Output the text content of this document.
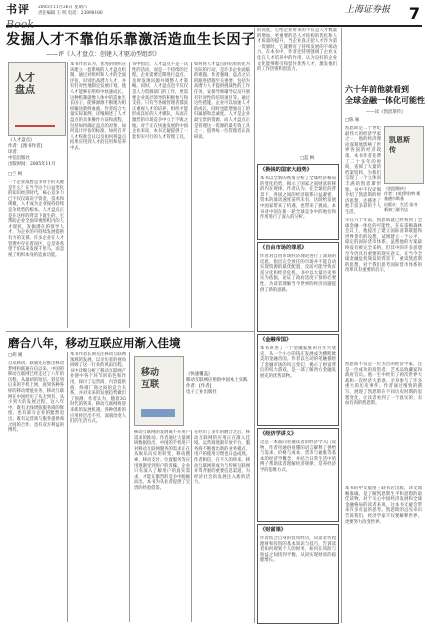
书评	2005年11月26日 星期六
责任编辑 王 明 电话：23898180	上海证券报 7
发掘人才不靠伯乐靠激活造血生长因子
——评《人才盘点：创建人才驱动型组织》
人才
盘点
《人才盘点》
作者：[图书作者]
译者：
中信出版社
出版时间：2005年11月
□兰 枫
一个企业战胜竞争对手的关键是什么？在当今这个日益变化的知识经济时代，核心竞争力已不仅仅取决于资金、技术和规模，人才成为企业保持持续竞争优势的根本。人才盘点正是在这样的背景下诞生的，它帮助企业全面审视组织内的人才现状，发掘潜在的领导人才，为企业的可持续发展提供有力的支撑。许多企业在人才管理中存在着误区，总是寄希望于伯乐来发现千里马，而忽视了组织本身的造血功能。
本书作者认为，优秀的组织应该建立一套系统的人才盘点机制，通过对组织和人才的全面评估，识别出高潜力人才，并有针对性地制定发展计划，使人才能够在组织中快速成长。这种机制就像人体中的造血生长因子，能够源源不断地为组织输送新鲜血液。作者结合大量实际案例，详细阐述了人才盘点的具体操作方法和流程，包括如何确定盘点的对象、如何设计评估的标准、如何召开人才校准会议以及如何将盘点结果应用到人才的任用和培养中去。
书中指出，人才盘点不是一次性的活动，而是一个持续的过程。企业需要定期进行盘点，及时发现问题并调整人才策略。同时，人才盘点也不仅仅是人力资源部门的工作，更需要企业高层领导的积极参与和支持。只有当各级管理者都真正重视人才的培养，组织才能形成良好的人才梯队，从而在激烈的市场竞争中立于不败之地。对于正在快速发展的中国企业来说，本书无疑提供了一套切实可行的人才管理工具。
如何将人才盘点的结果转化为实际的行动，是许多企业面临的难题。作者强调，盘点之后的跟进措施至关重要，包括为高潜力人才提供挑战性的工作任务、安排导师辅导以及开展有针对性的培训项目等。通过这些措施，企业可以加速人才的成长，同时也能增强员工的归属感和忠诚度。人才是企业最宝贵的资源，而人才盘点正是管理这一资源的最有效工具之一，值得每一位管理者认真研读。
磨合八年，移动互联应用渐入佳境
□胡 刚
自从移动、联通先后推出移动梦网和联通在信以来，中国的移动互联网已经走过了八年的历程。从最初的短信、彩信到后来的手机上网，再到各种各样的移动增值业务，移动互联网在中国经历了从无到有、从小到大的发展过程。这八年中，既有无线增值服务商的辉煌，也有部分企业的黯然退出；既有运营商与服务提供商之间的合作，也有双方利益的博弈。
本书作者长期关注移动互联网领域的发展，以亲历者的视角回顾了这一行业的风雨历程。书中详细分析了移动互联网产业链中各个环节的角色和作用，探讨了运营商、内容提供商、终端厂商之间的竞合关系，并对未来的发展趋势做出了预测。作者认为，随着3G时代的到来，移动互联网将迎来新的发展机遇，各种创新的应用将层出不穷，深刻改变人们的生活方式。
移动
互联
《快速覆盖》
移动互联网应用的中国本土实践
作者：[作者]
电子工业出版社
移动互联网的发展离不开用户需求的推动。作者通过大量调研数据指出，中国的手机用户对移动互联网服务的需求正在从娱乐向实用转变，移动搜索、移动支付、位置服务等应用逐渐受到用户的青睐。企业只有深入了解用户的真实需求，才能在激烈的竞争中脱颖而出。本书为从业者提供了宝贵的经验借鉴。
在经历了多年的磨合之后，移动互联网的应用正在渐入佳境。运营商逐渐开放平台，服务商不断推出新的业务模式，用户的使用习惯也日益成熟。作者相信，在不久的将来，移动互联网将成为与传统互联网并驾齐驱的重要信息渠道，为经济社会的发展注入新的活力。
的高度，它给企业带来的不仅是人才数量的增加，更重要的是人才结构的优化和人才质量的提升。当企业真正把人才作为第一资源时，它就拥有了持续发展的不竭动力。在本书中，作者还特别强调了企业文化在人才培养中的作用，认为良好的企业文化能够吸引和留住优秀人才，激发他们的工作热情和创造力。
□蓝 枫
《换钱的国家大趋势》
本书以全新的视角分析了全球经济格局的变化趋势，揭示了国家之间财富转移的内在规律。作者认为，在全球化的背景下，各国之间的经济联系日益紧密，资本的流动速度前所未有，这既给发展中国家带来了机遇，也带来了挑战。本书对中国在新一轮全球竞争中的地位和作用进行了深入的分析。
《自由市场的罪恶》
作者对自由市场经济理论进行了深刻的反思，指出完全放任的市场并不能自动实现资源的最优配置，反而可能导致贫富分化和经济危机。书中以大量历史事实为依据，论证了政府适度干预的必要性，为读者理解当今世界的经济问题提供了新的思路。
《金融帝国》
本书讲述了一个金融家族的百年兴衰史，从一个小小的钱庄发展成为横跨欧美的金融帝国。作者以生动的笔触描绘了金融市场的风云变幻，揭示了财富背后的权力游戏，是一部了解西方金融发展史的优秀读物。
《经济学讲义》
这是一本面向普通读者的经济学入门读物，作者用通俗易懂的语言解释了供给与需求、价格与成本、货币与通胀等基本的经济学概念，并结合日常生活中的例子帮助读者理解经济规律，培养经济学的思维方式。
《财富课》
作者结合自身的投资经历，向读者传授理财和投资的基本知识与技巧，告诉读者如何规划个人的财务，如何在风险与收益之间找到平衡，从而实现财富的稳健增长。
六十年前他就看到
全球金融一体化可能性
——读《凯恩斯传》
□陈 雁
凯恩斯是二十世纪最伟大的经济学家之一，他的经济理论深刻地影响了世界各国的经济政策。本书作者花费了二十多年的时间，查阅了大量的档案资料，为我们呈现了一个立体而丰满的凯恩斯形象。书中不仅详细介绍了凯恩斯的经济思想，还描述了他丰富多彩的个人生活。
凯恩斯
传
《凯恩斯传》
作者：[英]罗伯特·斯基德尔斯基
出版社：生活·读书·新知三联书店
早在六十年前，凯恩斯就已经看到了全球金融一体化的可能性。在布雷顿森林会议上，他提出了建立国际清算联盟和世界货币的设想，试图建立一个公平、稳定的国际货币体系。虽然他的方案最终没有被完全采纳，但其中的许多思想至今仍具有重要的现实意义。在当今全球金融危机频发的背景下，重读凯恩斯的思想，对于我们思考国际货币体系的改革具有重要的启示。
凯恩斯不仅是一位杰出的经济学家，还是一位成功的投资者、艺术品收藏家和政府官员。他一生中经历了两次世界大战和一次经济大萧条，亲身参与了许多重大的历史事件。作者通过细致的描写，展现了凯恩斯在不同历史时期的思想变化，让读者看到了一个真实的、有血有肉的凯恩斯。
本书的中文版由三联书店出版，译文流畅准确，是了解凯恩斯生平和思想的最佳读物。对于关心中国经济发展和全球金融格局的读者来说，这本书无疑会带来许多有益的思考。凯恩斯的远见卓识告诉我们，经济学家不仅要解释世界，更要努力改变世界。
